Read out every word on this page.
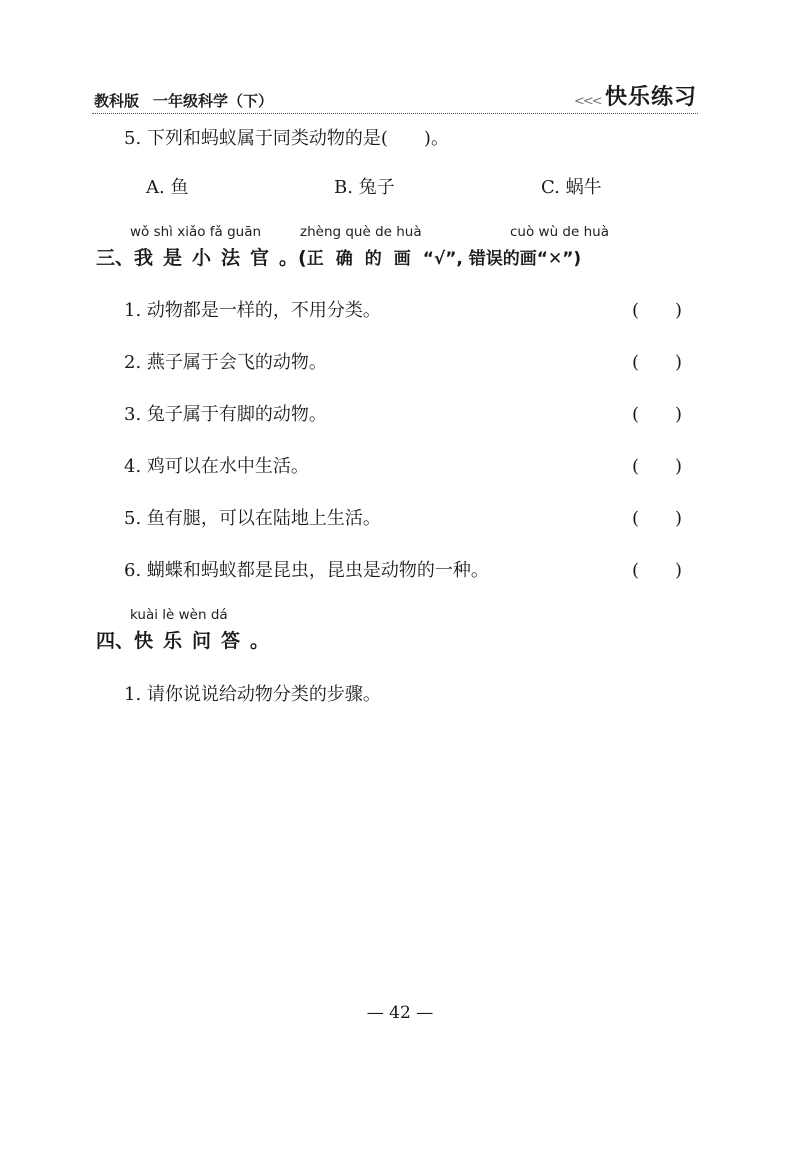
教科版 一年级科学（下）	<<< 快乐练习
5. 下列和蚂蚁属于同类动物的是(　　)。
A. 鱼	B. 兔子	C. 蜗牛
wǒ shì xiǎo fǎ guān	zhèng què de huà	cuò wù de huà
三、我是小法官。(正确的画“√”, 错误的画“✕”)
1. 动物都是一样的，不用分类。	(　　)
2. 燕子属于会飞的动物。	(　　)
3. 兔子属于有脚的动物。	(　　)
4. 鸡可以在水中生活。	(　　)
5. 鱼有腿，可以在陆地上生活。	(　　)
6. 蝴蝶和蚂蚁都是昆虫，昆虫是动物的一种。	(　　)
kuài lè wèn dá
四、快乐问答。
1. 请你说说给动物分类的步骤。
— 42 —
